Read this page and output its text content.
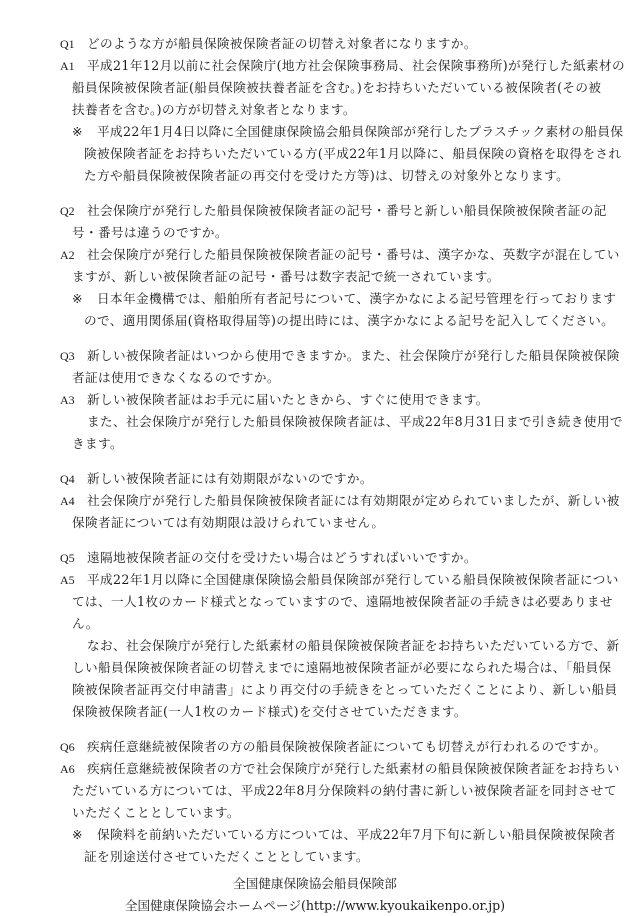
Q1 どのような方が船員保険被保険者証の切替え対象者になりますか。
A1 平成21年12月以前に社会保険庁(地方社会保険事務局、社会保険事務所)が発行した紙素材の
船員保険被保険者証(船員保険被扶養者証を含む。)をお持ちいただいている被保険者(その被
扶養者を含む。)の方が切替え対象者となります。
※ 平成22年1月4日以降に全国健康保険協会船員保険部が発行したプラスチック素材の船員保
険被保険者証をお持ちいただいている方(平成22年1月以降に、船員保険の資格を取得をされ
た方や船員保険被保険者証の再交付を受けた方等)は、切替えの対象外となります。
Q2 社会保険庁が発行した船員保険被保険者証の記号・番号と新しい船員保険被保険者証の記
号・番号は違うのですか。
A2 社会保険庁が発行した船員保険被保険者証の記号・番号は、漢字かな、英数字が混在してい
ますが、新しい被保険者証の記号・番号は数字表記で統一されています。
※ 日本年金機構では、船舶所有者記号について、漢字かなによる記号管理を行っております
ので、適用関係届(資格取得届等)の提出時には、漢字かなによる記号を記入してください。
Q3 新しい被保険者証はいつから使用できますか。また、社会保険庁が発行した船員保険被保険
者証は使用できなくなるのですか。
A3 新しい被保険者証はお手元に届いたときから、すぐに使用できます。
また、社会保険庁が発行した船員保険被保険者証は、平成22年8月31日まで引き続き使用で
きます。
Q4 新しい被保険者証には有効期限がないのですか。
A4 社会保険庁が発行した船員保険被保険者証には有効期限が定められていましたが、新しい被
保険者証については有効期限は設けられていません。
Q5 遠隔地被保険者証の交付を受けたい場合はどうすればいいですか。
A5 平成22年1月以降に全国健康保険協会船員保険部が発行している船員保険被保険者証につい
ては、一人1枚のカード様式となっていますので、遠隔地被保険者証の手続きは必要ありませ
ん。
なお、社会保険庁が発行した紙素材の船員保険被保険者証をお持ちいただいている方で、新
しい船員保険被保険者証の切替えまでに遠隔地被保険者証が必要になられた場合は、「船員保
険被保険者証再交付申請書」により再交付の手続きをとっていただくことにより、新しい船員
保険被保険者証(一人1枚のカード様式)を交付させていただきます。
Q6 疾病任意継続被保険者の方の船員保険被保険者証についても切替えが行われるのですか。
A6 疾病任意継続被保険者の方で社会保険庁が発行した紙素材の船員保険被保険者証をお持ちい
ただいている方については、平成22年8月分保険料の納付書に新しい被保険者証を同封させて
いただくこととしています。
※ 保険料を前納いただいている方については、平成22年7月下旬に新しい船員保険被保険者
証を別途送付させていただくこととしています。
全国健康保険協会船員保険部
全国健康保険協会ホームページ(http://www.kyoukaikenpo.or.jp)
